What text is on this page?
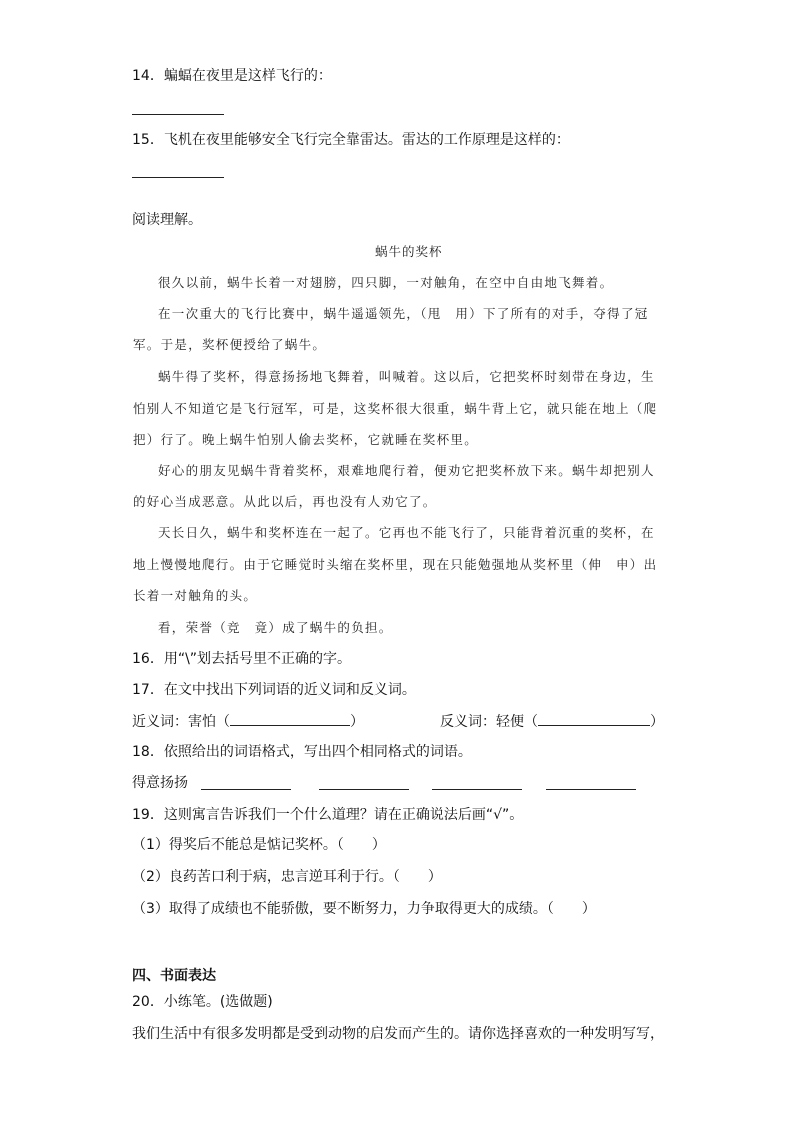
14．蝙蝠在夜里是这样飞行的：
15．飞机在夜里能够安全飞行完全靠雷达。雷达的工作原理是这样的：
阅读理解。
蜗牛的奖杯
很久以前，蜗牛长着一对翅膀，四只脚，一对触角，在空中自由地飞舞着。
在一次重大的飞行比赛中，蜗牛遥遥领先，（甩　用）下了所有的对手，夺得了冠
军。于是，奖杯便授给了蜗牛。
蜗牛得了奖杯，得意扬扬地飞舞着，叫喊着。这以后，它把奖杯时刻带在身边，生
怕别人不知道它是飞行冠军，可是，这奖杯很大很重，蜗牛背上它，就只能在地上（爬
把）行了。晚上蜗牛怕别人偷去奖杯，它就睡在奖杯里。
好心的朋友见蜗牛背着奖杯，艰难地爬行着，便劝它把奖杯放下来。蜗牛却把别人
的好心当成恶意。从此以后，再也没有人劝它了。
天长日久，蜗牛和奖杯连在一起了。它再也不能飞行了，只能背着沉重的奖杯，在
地上慢慢地爬行。由于它睡觉时头缩在奖杯里，现在只能勉强地从奖杯里（伸　申）出
长着一对触角的头。
看，荣誉（竞　竟）成了蜗牛的负担。
16．用“\”划去括号里不正确的字。
17．在文中找出下列词语的近义词和反义词。
近义词：害怕（	）	反义词：轻便（	）
18．依照给出的词语格式，写出四个相同格式的词语。
得意扬扬
19．这则寓言告诉我们一个什么道理？请在正确说法后画“√”。
（1）得奖后不能总是惦记奖杯。（　　）
（2）良药苦口利于病，忠言逆耳利于行。（　　）
（3）取得了成绩也不能骄傲，要不断努力，力争取得更大的成绩。（　　）
四、书面表达
20．小练笔。(选做题)
我们生活中有很多发明都是受到动物的启发而产生的。请你选择喜欢的一种发明写写，
